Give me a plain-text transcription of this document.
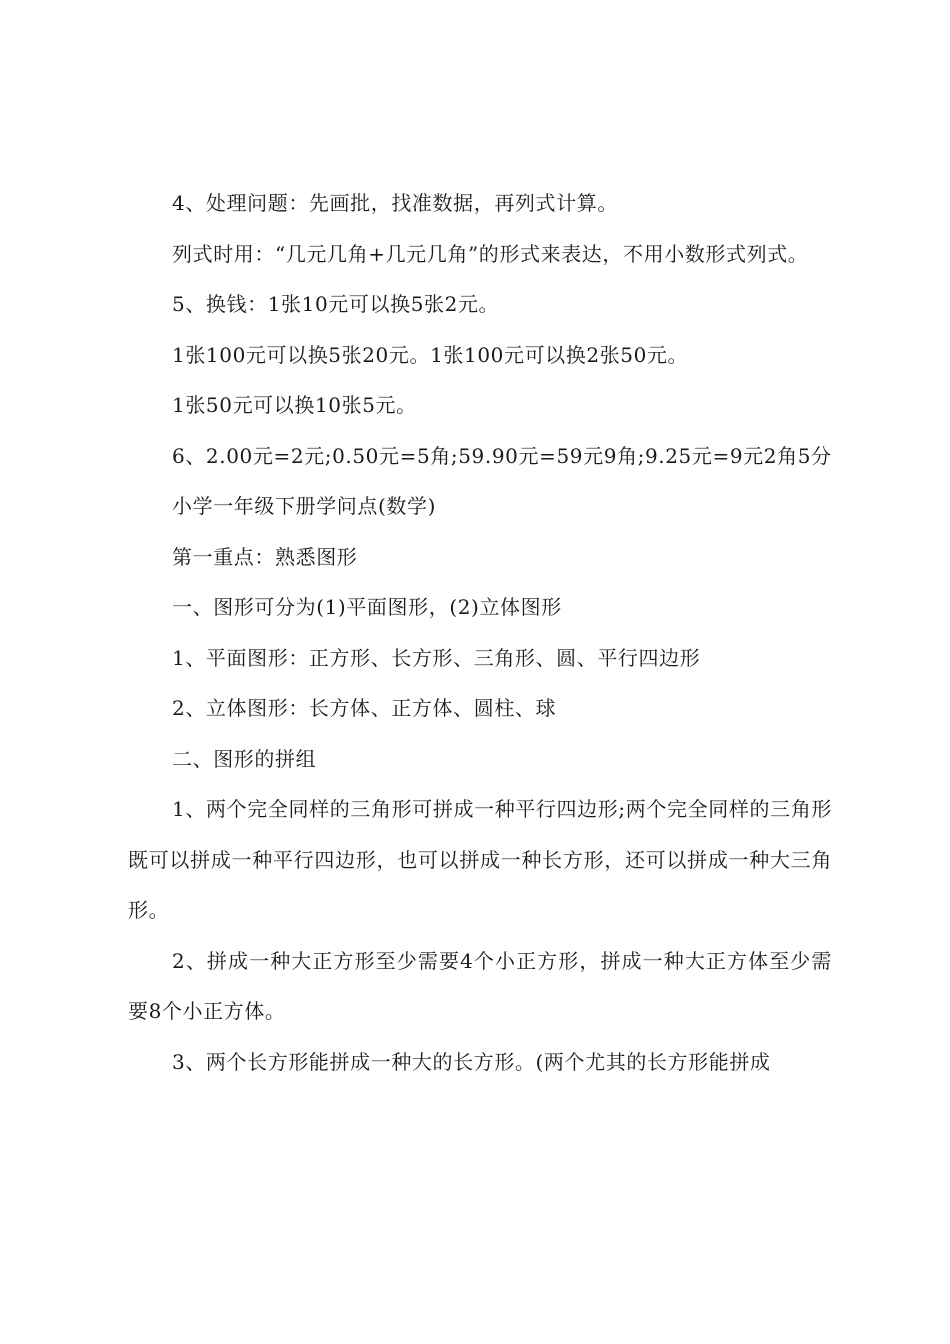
4、处理问题：先画批，找准数据，再列式计算。

列式时用：“几元几角+几元几角”的形式来表达，不用小数形式列式。

5、换钱：1张10元可以换5张2元。

1张100元可以换5张20元。1张100元可以换2张50元。

1张50元可以换10张5元。

6、2.00元=2元;0.50元=5角;59.90元=59元9角;9.25元=9元2角5分

小学一年级下册学问点(数学)

第一重点：熟悉图形

一、图形可分为(1)平面图形，(2)立体图形

1、平面图形：正方形、长方形、三角形、圆、平行四边形

2、立体图形：长方体、正方体、圆柱、球

二、图形的拼组

1、两个完全同样的三角形可拼成一种平行四边形;两个完全同样的三角形既可以拼成一种平行四边形，也可以拼成一种长方形，还可以拼成一种大三角形。

2、拼成一种大正方形至少需要4个小正方形，拼成一种大正方体至少需要8个小正方体。

3、两个长方形能拼成一种大的长方形。(两个尤其的长方形能拼成
